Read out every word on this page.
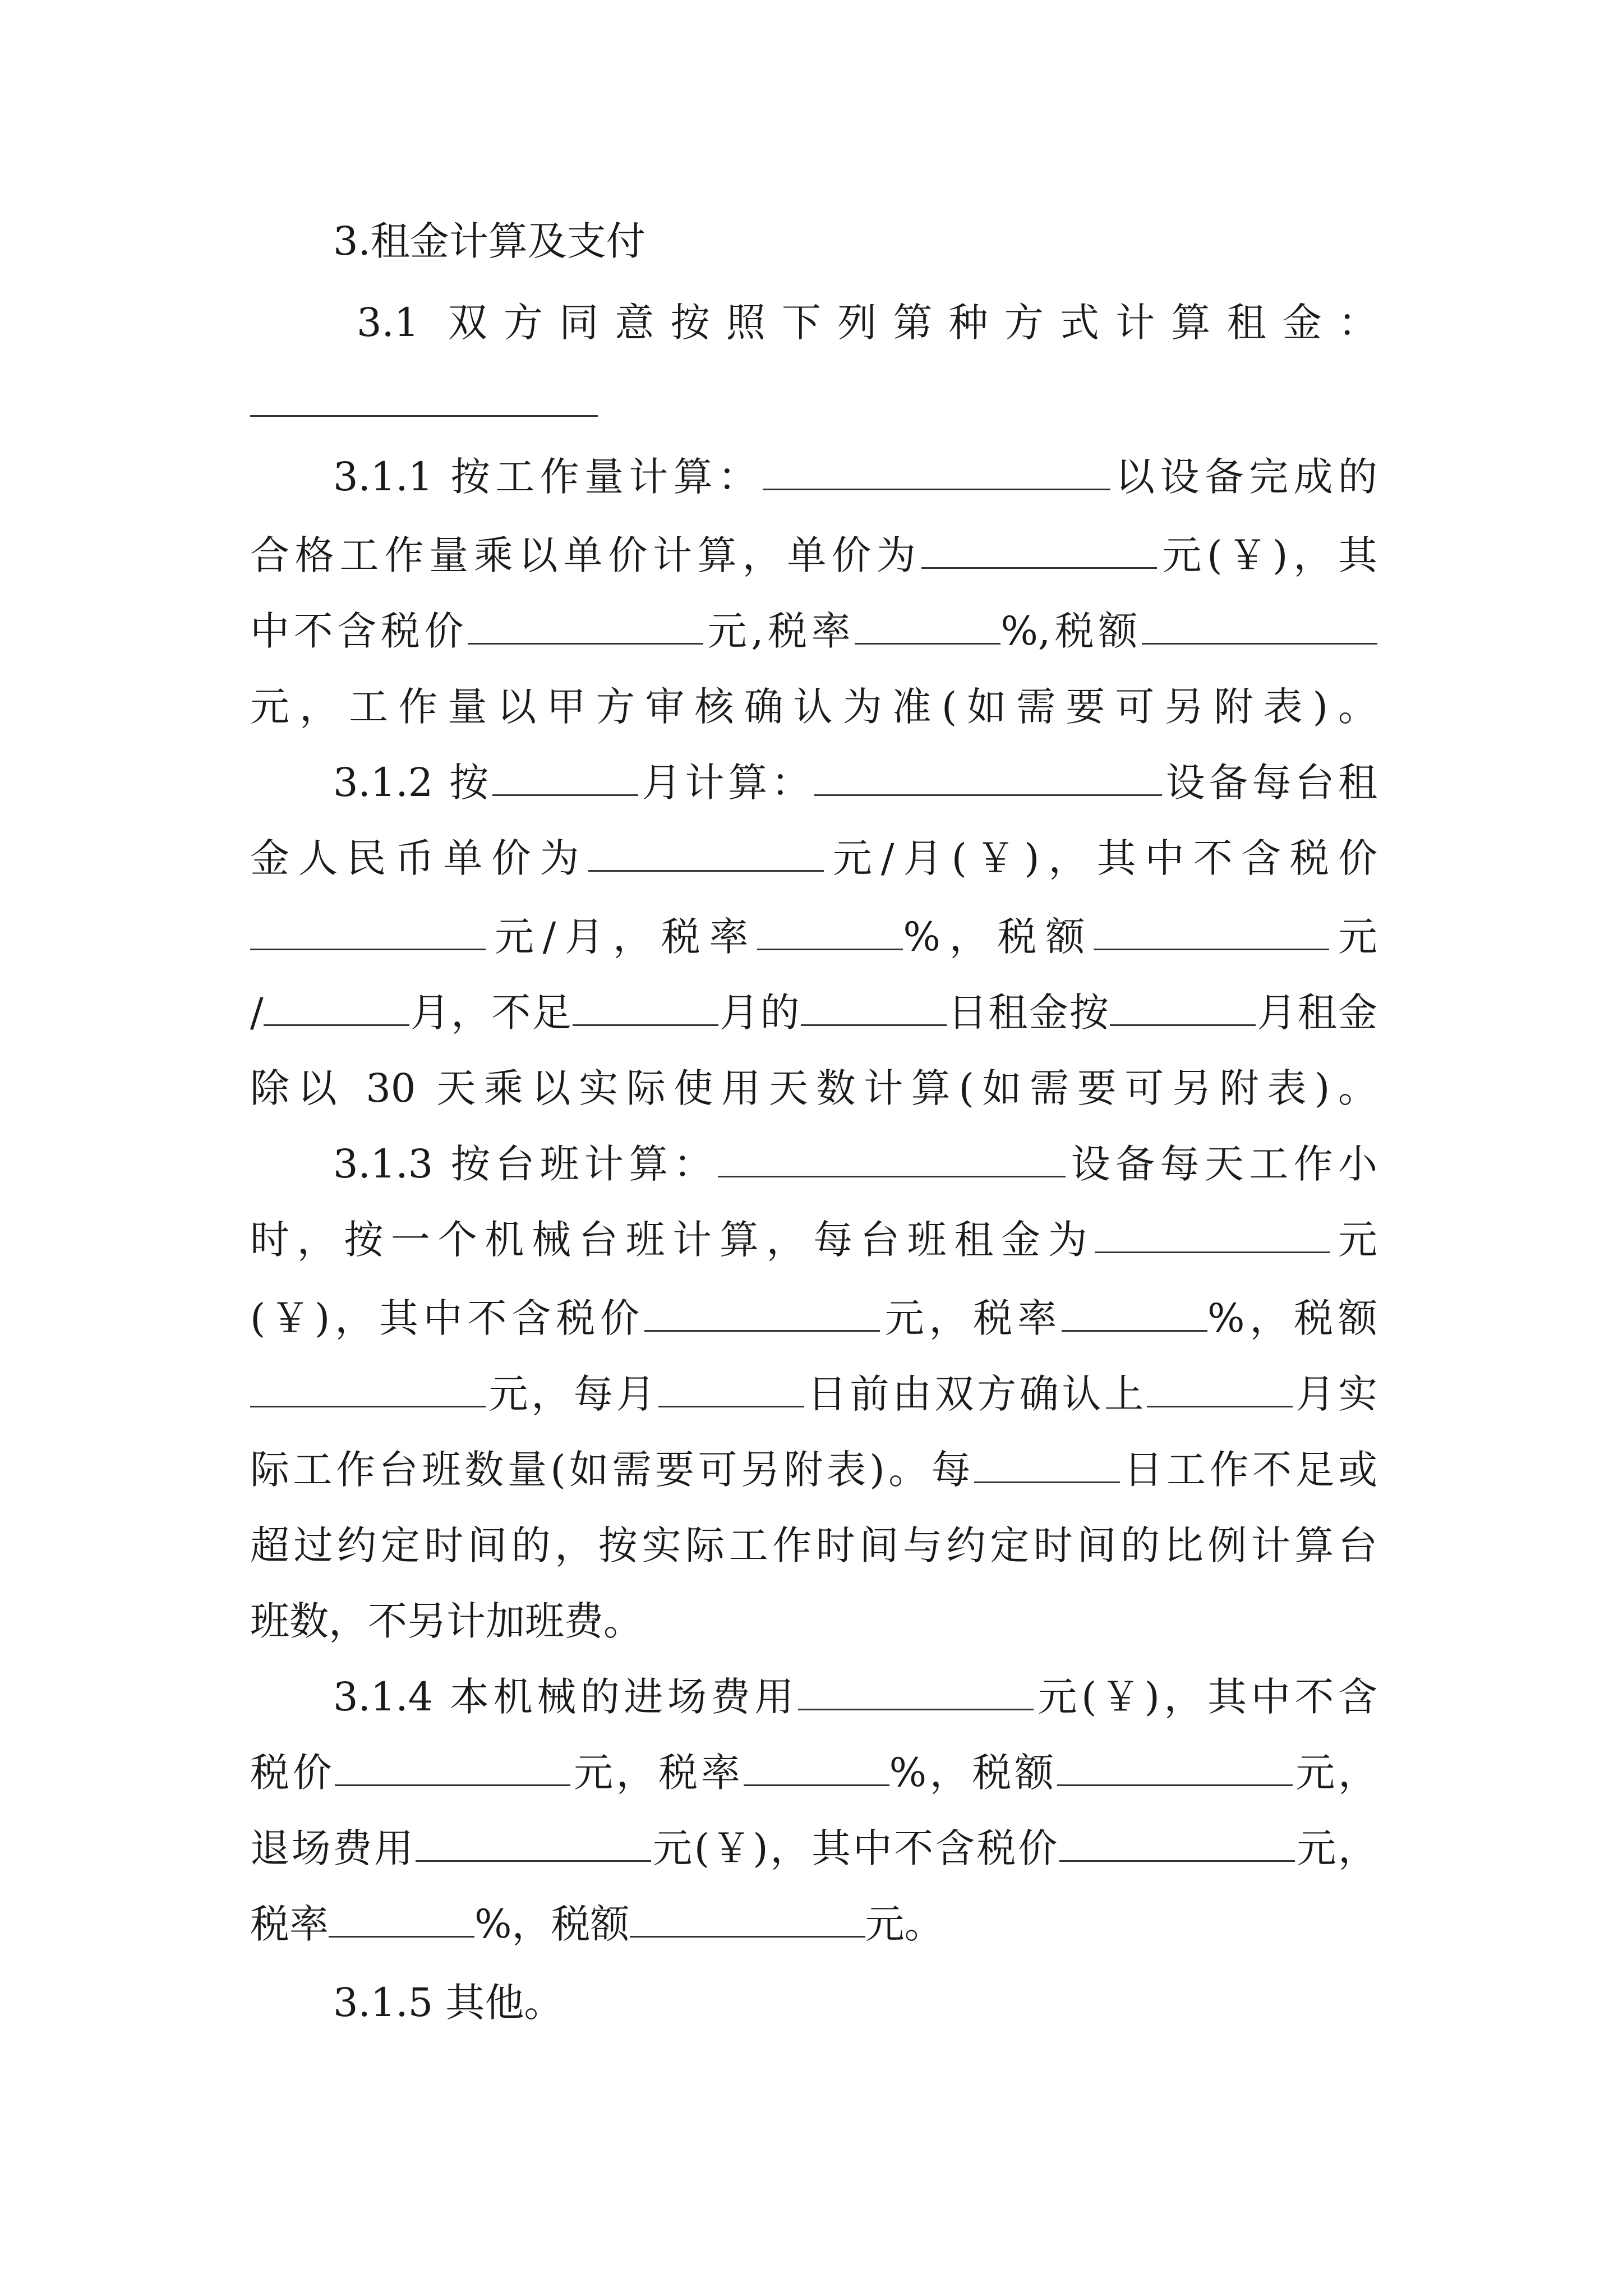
3.租金计算及支付
3.1 双方同意按照下列第种方式计算租金：
3.1.1 按工作量计算：	以设备完成的
合格工作量乘以单价计算，单价为	元(￥)，其
中不含税价	元,税率	%,税额
元，工作量以甲方审核确认为准(如需要可另附表)。
3.1.2 按	月计算：	设备每台租
金人民币单价为	元/月(￥)，其中不含税价
元/月，税率	%，税额	元
/	月，不足	月的	日租金按	月租金
除以 30 天乘以实际使用天数计算(如需要可另附表)。
3.1.3 按台班计算：	设备每天工作小
时，按一个机械台班计算，每台班租金为	元
(￥)，其中不含税价	元，税率	%，税额
元，每月	日前由双方确认上	月实
际工作台班数量(如需要可另附表)。每	日工作不足或
超过约定时间的，按实际工作时间与约定时间的比例计算台
班数，不另计加班费。
3.1.4 本机械的进场费用	元(￥)，其中不含
税价	元，税率	%，税额	元，
退场费用	元(￥)，其中不含税价	元，
税率	%，税额	元。
3.1.5 其他。
